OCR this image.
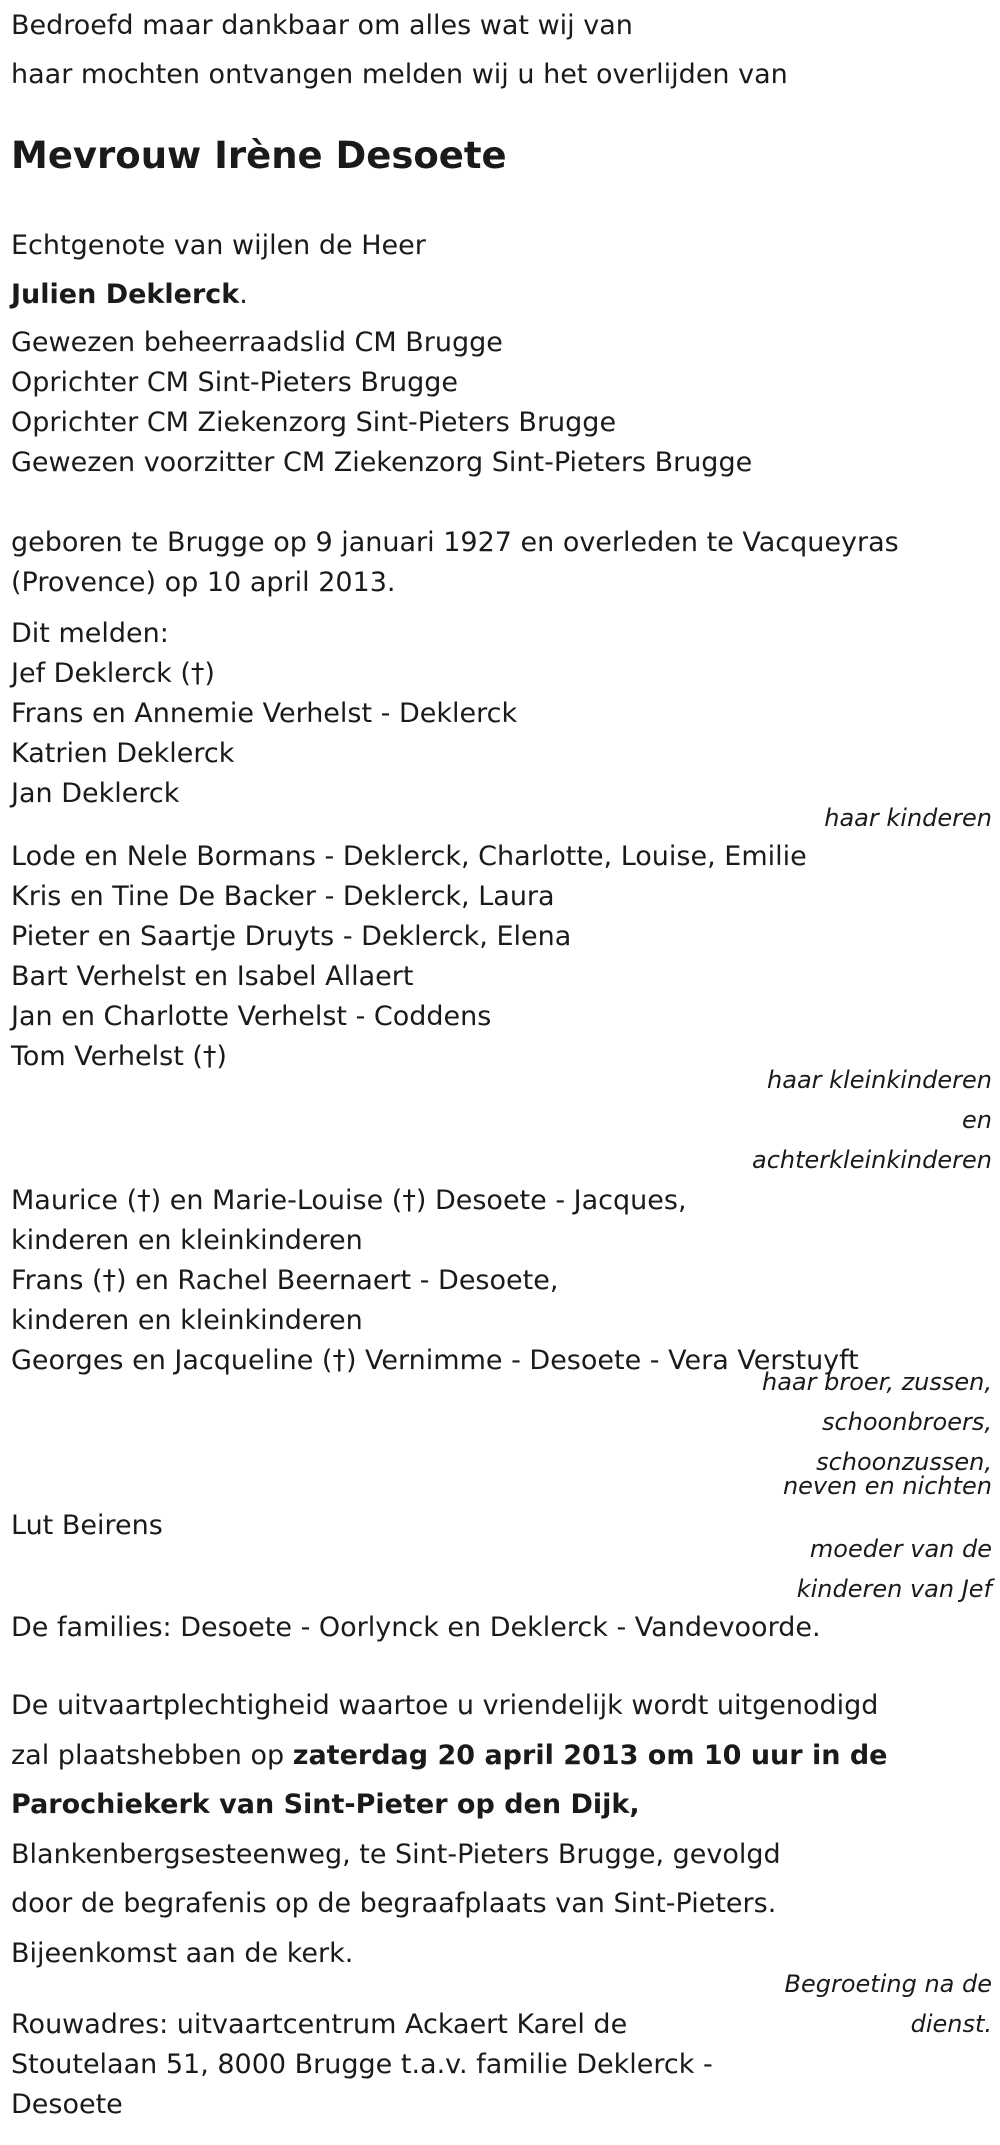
Bedroefd maar dankbaar om alles wat wij van
haar mochten ontvangen melden wij u het overlijden van
Mevrouw Irène Desoete
Echtgenote van wijlen de Heer
Julien Deklerck.
Gewezen beheerraadslid CM Brugge
Oprichter CM Sint-Pieters Brugge
Oprichter CM Ziekenzorg Sint-Pieters Brugge
Gewezen voorzitter CM Ziekenzorg Sint-Pieters Brugge
geboren te Brugge op 9 januari 1927 en overleden te Vacqueyras
(Provence) op 10 april 2013.
Dit melden:
Jef Deklerck (†)
Frans en Annemie Verhelst - Deklerck
Katrien Deklerck
Jan Deklerck
haar kinderen
Lode en Nele Bormans - Deklerck, Charlotte, Louise, Emilie
Kris en Tine De Backer - Deklerck, Laura
Pieter en Saartje Druyts - Deklerck, Elena
Bart Verhelst en Isabel Allaert
Jan en Charlotte Verhelst - Coddens
Tom Verhelst (†)
haar kleinkinderen
en
achterkleinkinderen
Maurice (†) en Marie-Louise (†) Desoete - Jacques,
kinderen en kleinkinderen
Frans (†) en Rachel Beernaert - Desoete,
kinderen en kleinkinderen
Georges en Jacqueline (†) Vernimme - Desoete - Vera Verstuyft
haar broer, zussen,
schoonbroers,
schoonzussen,
neven en nichten
Lut Beirens
moeder van de
kinderen van Jef
De families: Desoete - Oorlynck en Deklerck - Vandevoorde.
De uitvaartplechtigheid waartoe u vriendelijk wordt uitgenodigd
zal plaatshebben op zaterdag 20 april 2013 om 10 uur in de
Parochiekerk van Sint-Pieter op den Dijk,
Blankenbergsesteenweg, te Sint-Pieters Brugge, gevolgd
door de begrafenis op de begraafplaats van Sint-Pieters.
Bijeenkomst aan de kerk.
Begroeting na de
dienst.
Rouwadres: uitvaartcentrum Ackaert Karel de
Stoutelaan 51, 8000 Brugge t.a.v. familie Deklerck -
Desoete
